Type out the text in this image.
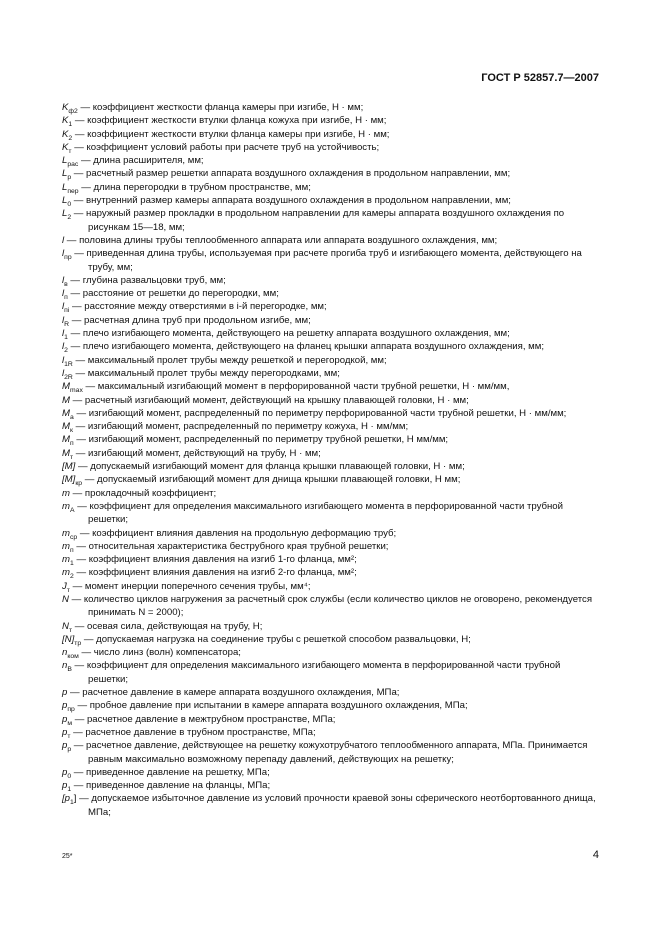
ГОСТ Р 52857.7—2007

$K_{ф2}$ — коэффициент жесткости фланца камеры при изгибе, Н · мм;

$K_1$ — коэффициент жесткости втулки фланца кожуха при изгибе, Н · мм;

$K_2$ — коэффициент жесткости втулки фланца камеры при изгибе, Н · мм;

$K_т$ — коэффициент условий работы при расчете труб на устойчивость;

$L_{рас}$ — длина расширителя, мм;

$L_р$ — расчетный размер решетки аппарата воздушного охлаждения в продольном направлении, мм;

$L_{пер}$ — длина перегородки в трубном пространстве, мм;

$L_0$ — внутренний размер камеры аппарата воздушного охлаждения в продольном направлении, мм;

$L_2$ — наружный размер прокладки в продольном направлении для камеры аппарата воздушного охлаждения по рисункам 15—18, мм;

l — половина длины трубы теплообменного аппарата или аппарата воздушного охлаждения, мм;

$l_{пр}$ — приведенная длина трубы, используемая при расчете прогиба труб и изгибающего момента, действующего на трубу, мм;

$l_в$ — глубина развальцовки труб, мм;

$l_п$ — расстояние от решетки до перегородки, мм;

$l_{пi}$ — расстояние между отверстиями в i-й перегородке, мм;

$l_R$ — расчетная длина труб при продольном изгибе, мм;

$l_1$ — плечо изгибающего момента, действующего на решетку аппарата воздушного охлаждения, мм;

$l_2$ — плечо изгибающего момента, действующего на фланец крышки аппарата воздушного охлаждения, мм;

$l_{1R}$ — максимальный пролет трубы между решеткой и перегородкой, мм;

$l_{2R}$ — максимальный пролет трубы между перегородками, мм;

$M_{max}$ — максимальный изгибающий момент в перфорированной части трубной решетки, Н · мм/мм,

M — расчетный изгибающий момент, действующий на крышку плавающей головки, Н · мм;

$M_a$ — изгибающий момент, распределенный по периметру перфорированной части трубной решетки, Н · мм/мм;

$M_к$ — изгибающий момент, распределенный по периметру кожуха, Н · мм/мм;

$M_п$ — изгибающий момент, распределенный по периметру трубной решетки, Н мм/мм;

$M_т$ — изгибающий момент, действующий на трубу, Н · мм;

[M] — допускаемый изгибающий момент для фланца крышки плавающей головки, Н · мм;

$[M]_{кр}$ — допускаемый изгибающий момент для днища крышки плавающей головки, Н мм;

m — прокладочный коэффициент;

$m_A$ — коэффициент для определения максимального изгибающего момента в перфорированной части трубной решетки;

$m_{ср}$ — коэффициент влияния давления на продольную деформацию труб;

$m_п$ — относительная характеристика беструбного края трубной решетки;

$m_1$ — коэффициент влияния давления на изгиб 1-го фланца, мм²;

$m_2$ — коэффициент влияния давления на изгиб 2-го фланца, мм²;

$J_т$ — момент инерции поперечного сечения трубы, мм⁴;

N — количество циклов нагружения за расчетный срок службы (если количество циклов не оговорено, рекомендуется принимать N = 2000);

$N_т$ — осевая сила, действующая на трубу, Н;

$[N]_{тр}$ — допускаемая нагрузка на соединение трубы с решеткой способом развальцовки, Н;

$n_{ком}$ — число линз (волн) компенсатора;

$n_B$ — коэффициент для определения максимального изгибающего момента в перфорированной части трубной решетки;

p — расчетное давление в камере аппарата воздушного охлаждения, МПа;

$p_{пр}$ — пробное давление при испытании в камере аппарата воздушного охлаждения, МПа;

$p_м$ — расчетное давление в межтрубном пространстве, МПа;

$p_т$ — расчетное давление в трубном пространстве, МПа;

$p_р$ — расчетное давление, действующее на решетку кожухотрубчатого теплообменного аппарата, МПа. Принимается равным максимально возможному перепаду давлений, действующих на решетку;

$p_0$ — приведенное давление на решетку, МПа;

$p_1$ — приведенное давление на фланцы, МПа;

$[p_1]$ — допускаемое избыточное давление из условий прочности краевой зоны сферического неотбортованного днища, МПа;

25*	4
